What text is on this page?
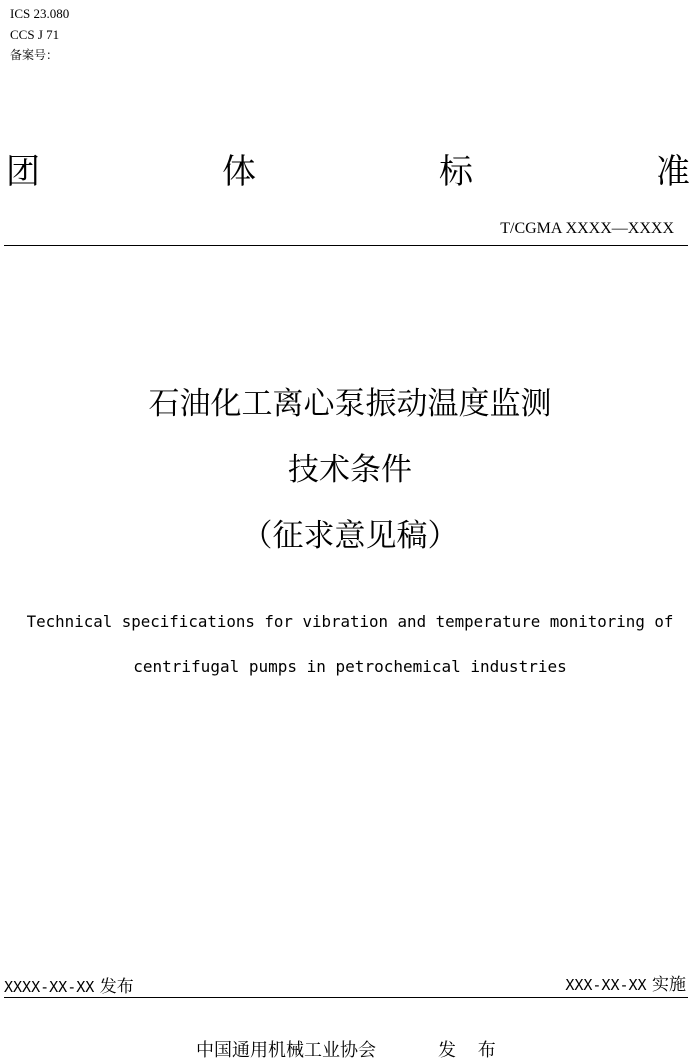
ICS 23.080
CCS J 71
备案号：
团	体	标	准
T/CGMA XXXX—XXXX
石油化工离心泵振动温度监测
技术条件
（征求意见稿）
Technical specifications for vibration and temperature monitoring of
centrifugal pumps in petrochemical industries
XXXX-XX-XX 发布	XXX-XX-XX 实施
中国通用机械工业协会	发 布
